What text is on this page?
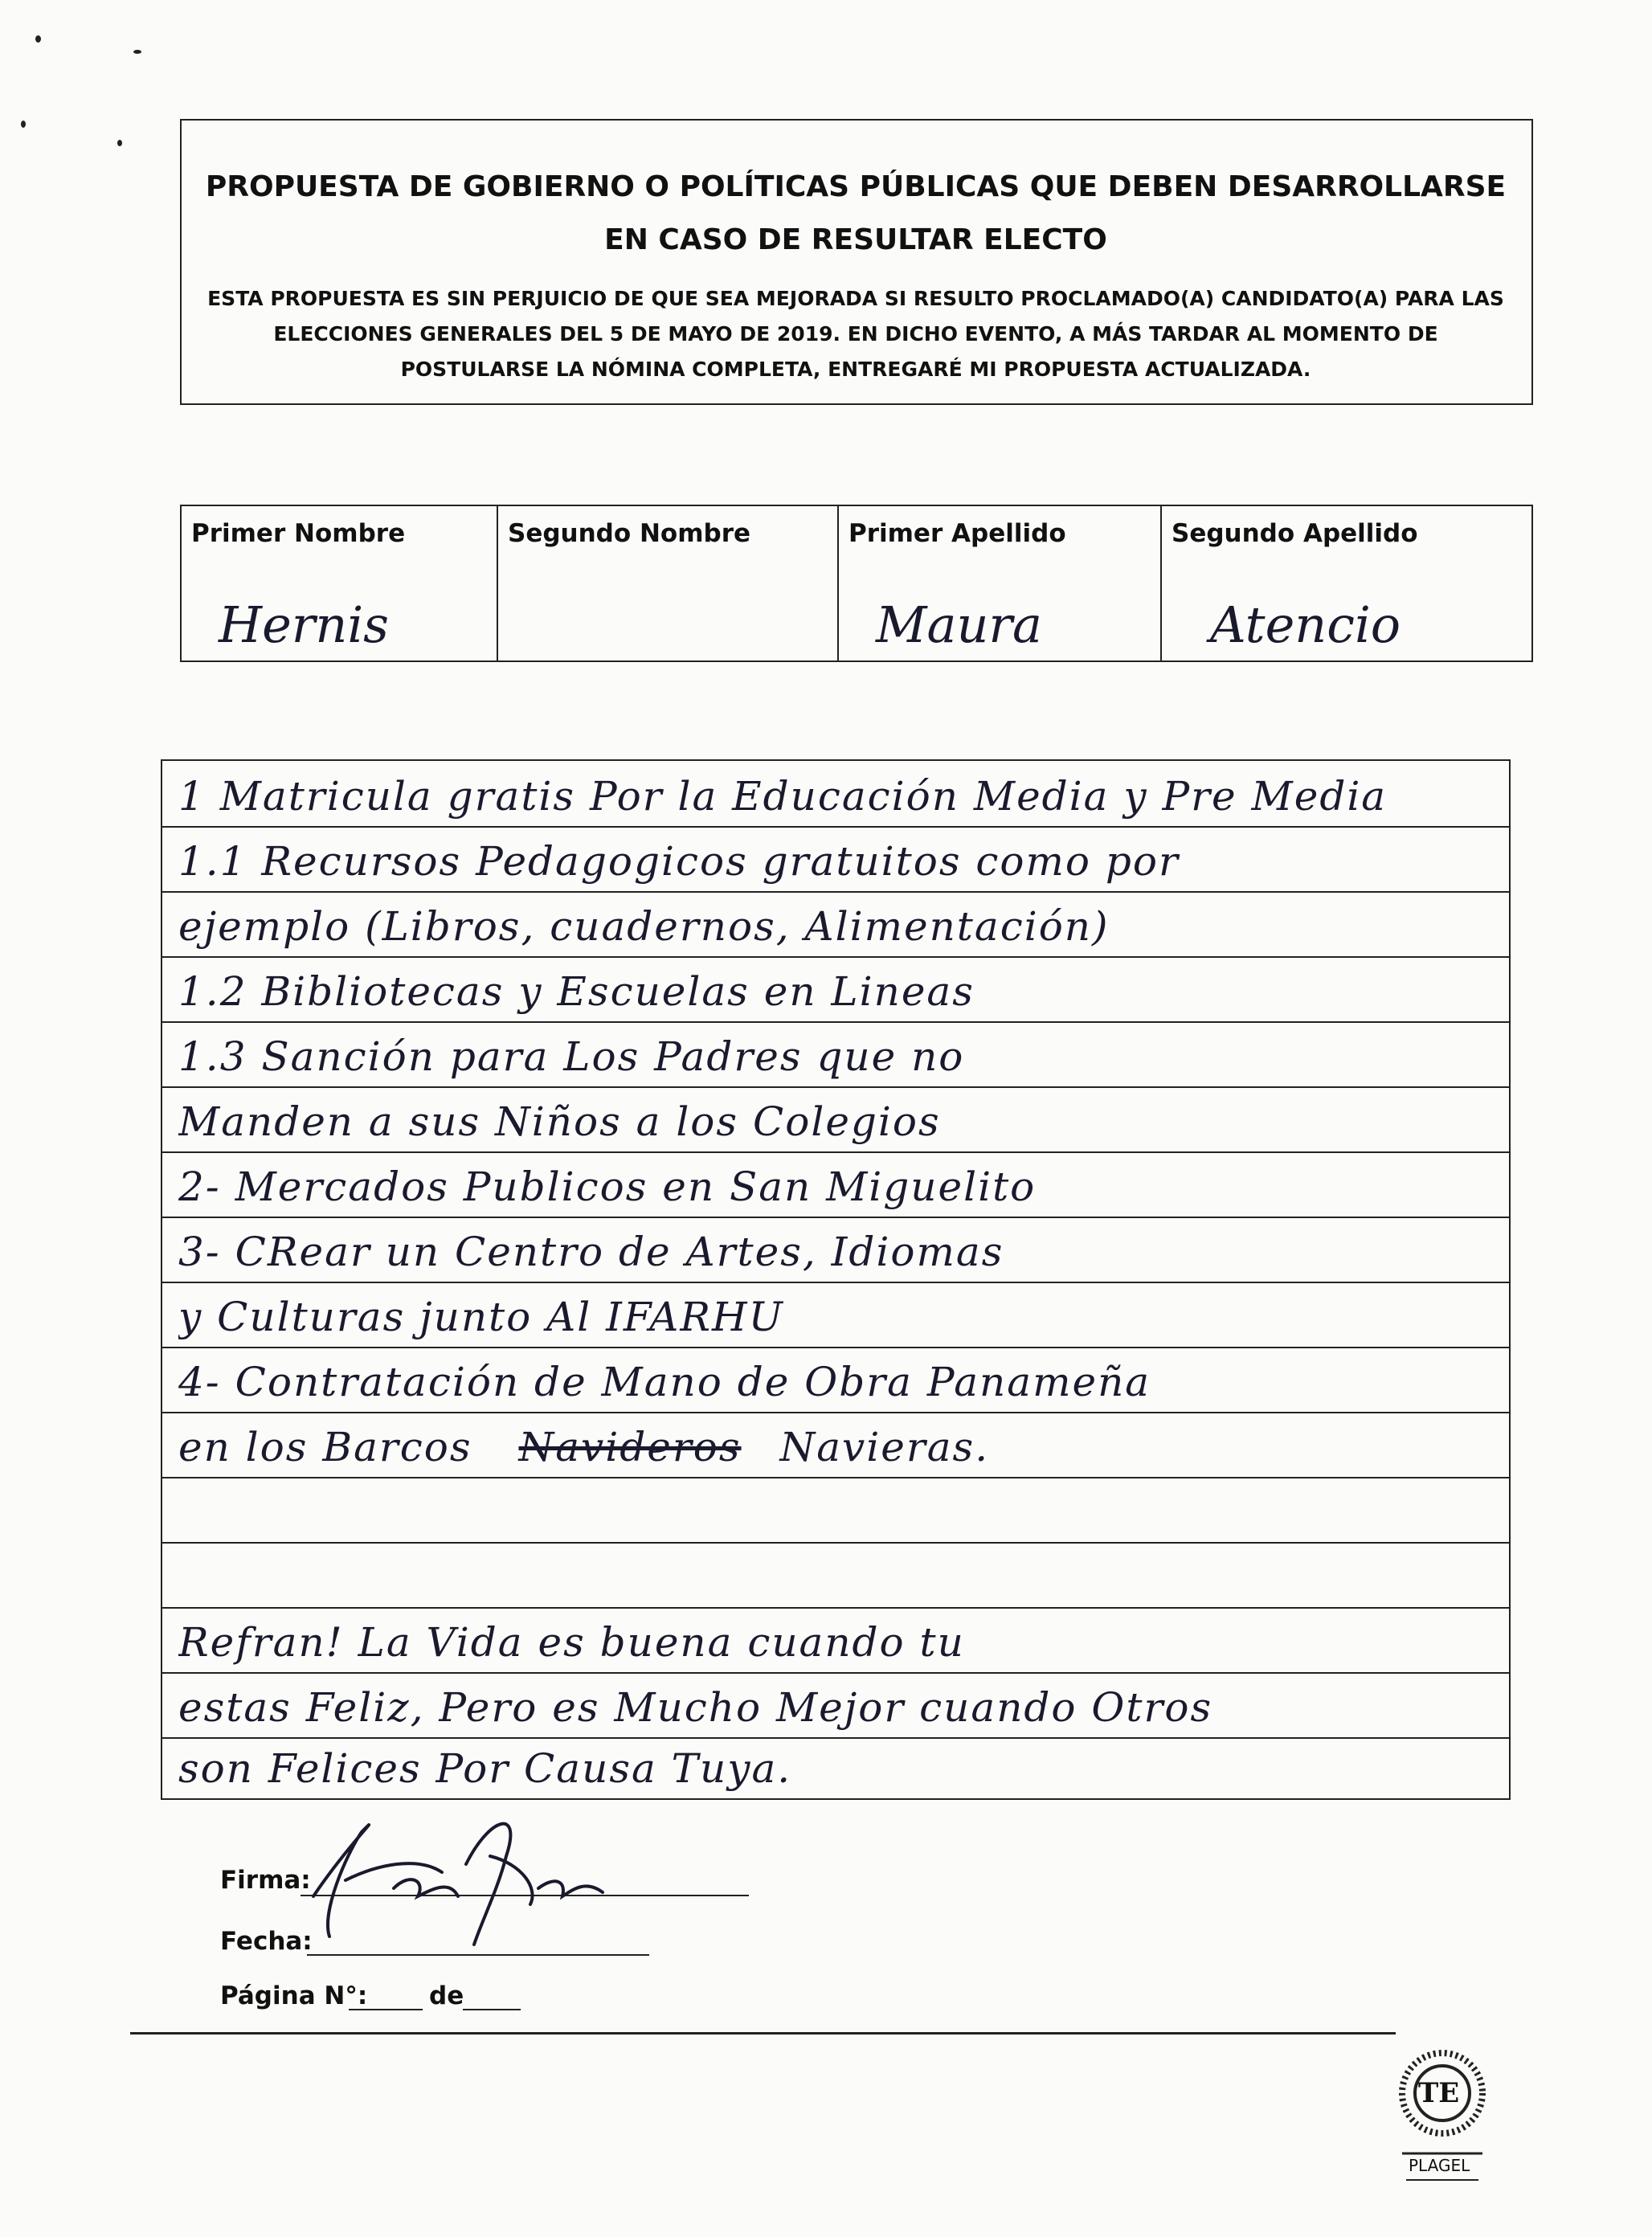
PROPUESTA DE GOBIERNO O POLÍTICAS PÚBLICAS QUE DEBEN DESARROLLARSE EN CASO DE RESULTAR ELECTO
ESTA PROPUESTA ES SIN PERJUICIO DE QUE SEA MEJORADA SI RESULTO PROCLAMADO(A) CANDIDATO(A) PARA LAS ELECCIONES GENERALES DEL 5 DE MAYO DE 2019. EN DICHO EVENTO, A MÁS TARDAR AL MOMENTO DE POSTULARSE LA NÓMINA COMPLETA, ENTREGARÉ MI PROPUESTA ACTUALIZADA.
Primer Nombre
Hernis
Segundo Nombre	Primer Apellido
Maura
Segundo Apellido
Atencio
1 Matricula gratis Por la Educación Media y Pre Media
1.1 Recursos Pedagogicos gratuitos como por
ejemplo (Libros, cuadernos, Alimentación)
1.2 Bibliotecas y Escuelas en Lineas
1.3 Sanción para Los Padres que no
Manden a sus Niños a los Colegios
2- Mercados Publicos en San Miguelito
3- CRear un Centro de Artes, Idiomas
y Culturas junto Al IFARHU
4- Contratación de Mano de Obra Panameña
en los Barcos Navideros Navieras.
Refran! La Vida es buena cuando tu
estas Feliz, Pero es Mucho Mejor cuando Otros
son Felices Por Causa Tuya.
Firma:
Fecha:
Página N°: de
TE
PLAGEL
